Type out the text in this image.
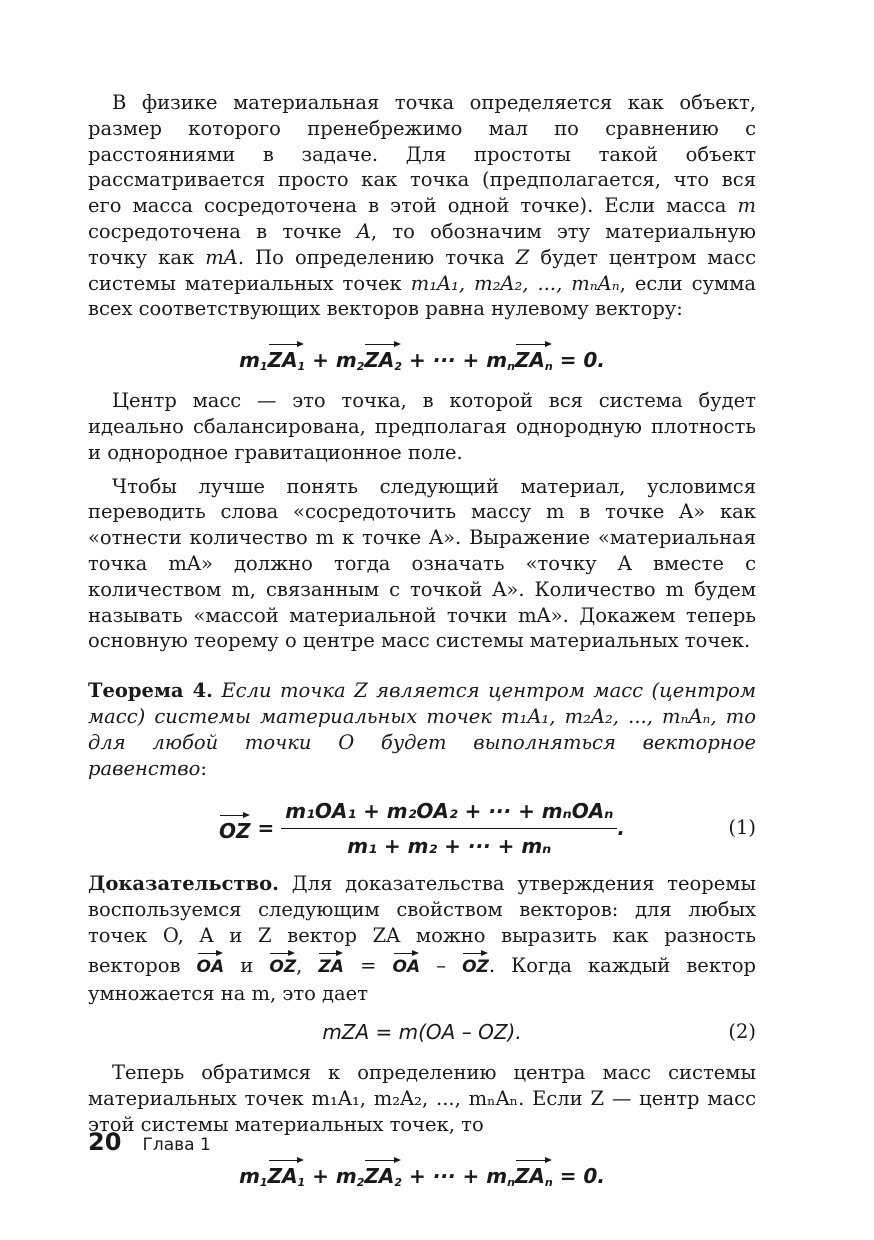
В физике материальная точка определяется как объект, размер которого пренебрежимо мал по сравнению с расстояниями в задаче. Для простоты такой объект рассматривается просто как точка (предполагается, что вся его масса сосредоточена в этой одной точке). Если масса m сосредоточена в точке A, то обозначим эту материальную точку как mA. По определению точка Z будет центром масс системы материальных точек m₁A₁, m₂A₂, ..., mₙAₙ, если сумма всех соответствующих векторов равна нулевому вектору:

$m_1ZA_1 + m_2ZA_2$ + ··· + $m_nZA_n = 0$.

Центр масс — это точка, в которой вся система будет идеально сбалансирована, предполагая однородную плотность и однородное гравитационное поле.

Чтобы лучше понять следующий материал, условимся переводить слова «сосредоточить массу m в точке A» как «отнести количество m к точке A». Выражение «материальная точка mA» должно тогда означать «точку A вместе с количеством m, связанным с точкой A». Количество m будем называть «массой материальной точки mA». Докажем теперь основную теорему о центре масс системы материальных точек.

Теорема 4. Если точка Z является центром масс (центром масс) системы материальных точек m₁A₁, m₂A₂, ..., mₙAₙ, то для любой точки O будет выполняться векторное равенство:

OZ
=
$\frac{\text{m₁OA₁ + m₂OA₂ + ··· + mₙOAₙ}}{\text{m₁ + m₂ + ··· + mₙ}}$ .	(1)

Доказательство. Для доказательства утверждения теоремы воспользуемся следующим свойством векторов: для любых точек O, A и Z вектор ZA можно выразить как разность векторов OA и OZ, ZA = OA – OZ. Когда каждый вектор умножается на m, это дает

mZA = m(OA – OZ).	(2)

Теперь обратимся к определению центра масс системы материальных точек m₁A₁, m₂A₂, ..., mₙAₙ. Если Z — центр масс этой системы материальных точек, то

$m_1ZA_1 + m_2ZA_2$ + ··· + $m_nZA_n = 0$.
20 Глава 1
